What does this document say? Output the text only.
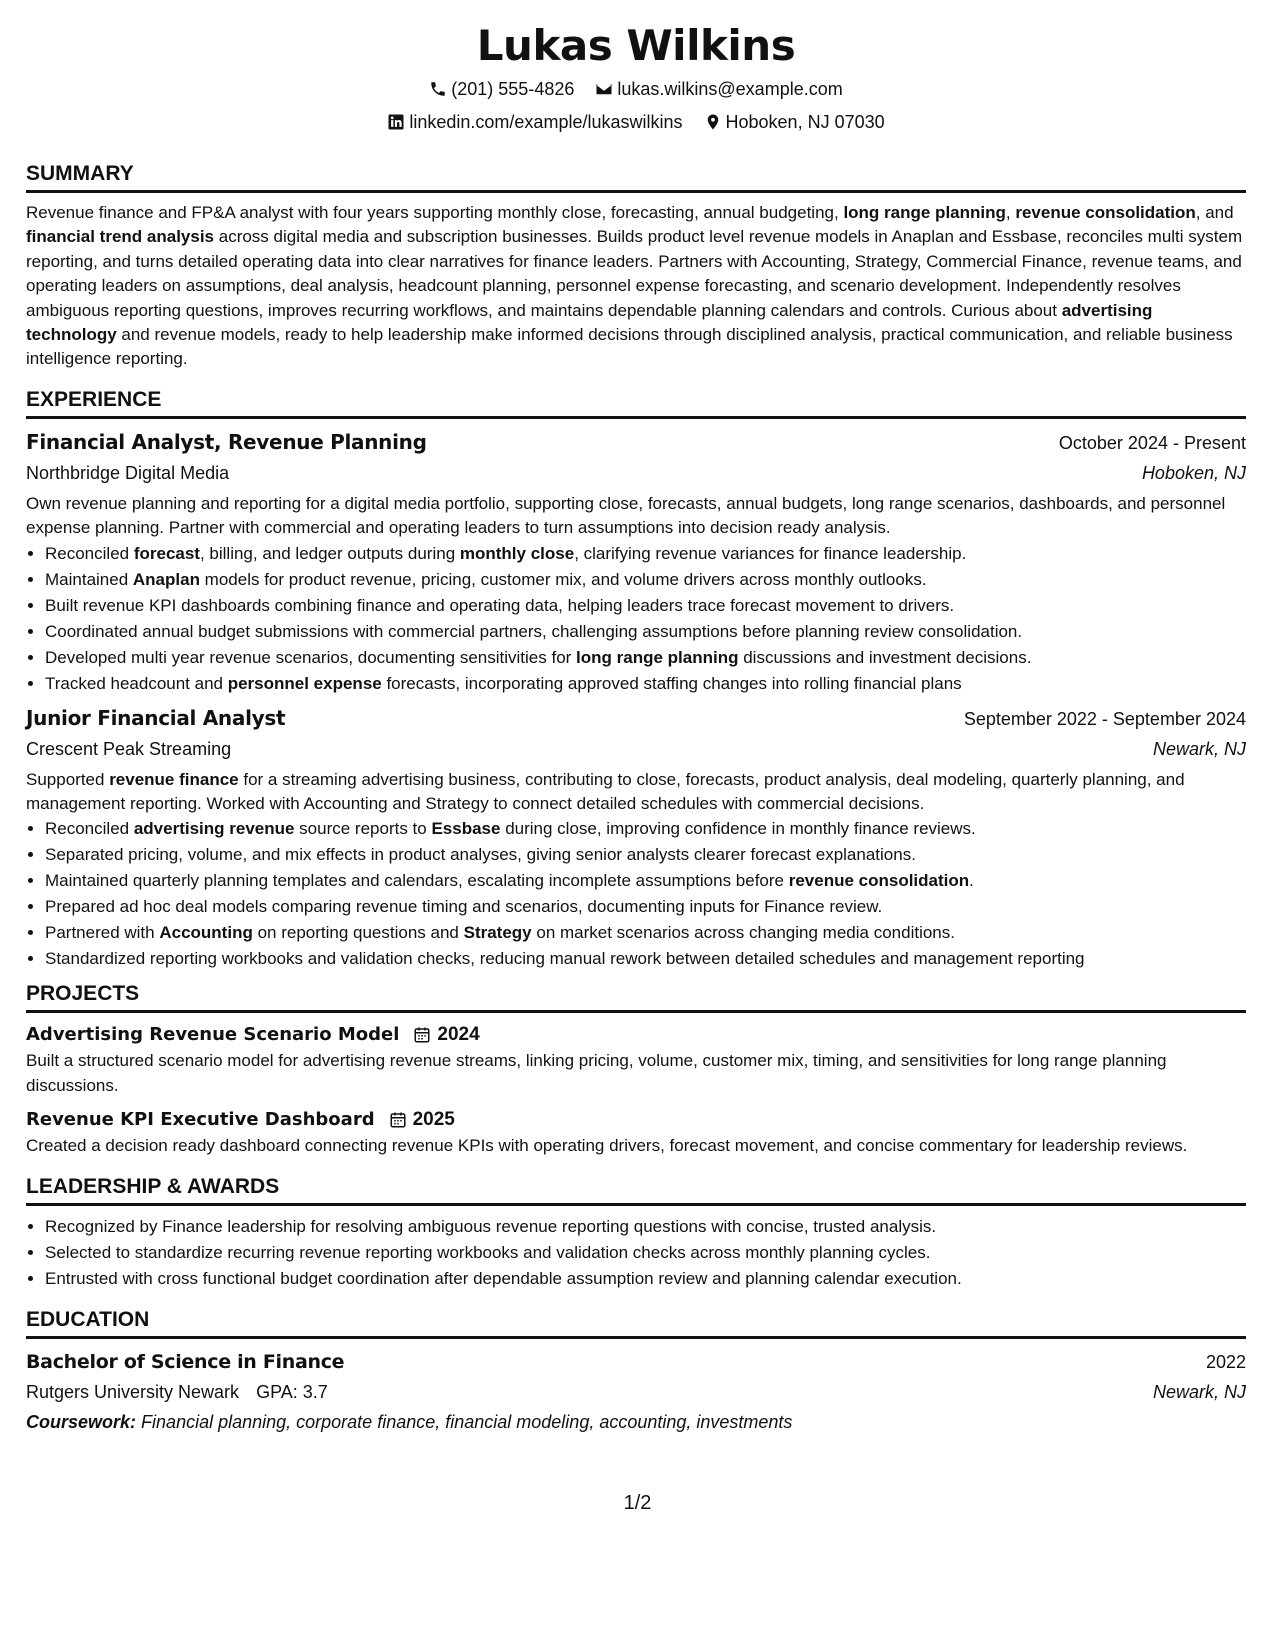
Lukas Wilkins
(201) 555-4826
lukas.wilkins@example.com
linkedin.com/example/lukaswilkins
Hoboken, NJ 07030
SUMMARY

Revenue finance and FP&A analyst with four years supporting monthly close, forecasting, annual budgeting, long range planning, revenue consolidation, and financial trend analysis across digital media and subscription businesses. Builds product level revenue models in Anaplan and Essbase, reconciles multi system reporting, and turns detailed operating data into clear narratives for finance leaders. Partners with Accounting, Strategy, Commercial Finance, revenue teams, and operating leaders on assumptions, deal analysis, headcount planning, personnel expense forecasting, and scenario development. Independently resolves ambiguous reporting questions, improves recurring workflows, and maintains dependable planning calendars and controls. Curious about advertising technology and revenue models, ready to help leadership make informed decisions through disciplined analysis, practical communication, and reliable business intelligence reporting.

EXPERIENCE
Financial Analyst, Revenue Planning	October 2024 - Present
Northbridge Digital Media	Hoboken, NJ

Own revenue planning and reporting for a digital media portfolio, supporting close, forecasts, annual budgets, long range scenarios, dashboards, and personnel expense planning. Partner with commercial and operating leaders to turn assumptions into decision ready analysis.

• Reconciled forecast, billing, and ledger outputs during monthly close, clarifying revenue variances for finance leadership.
• Maintained Anaplan models for product revenue, pricing, customer mix, and volume drivers across monthly outlooks.
• Built revenue KPI dashboards combining finance and operating data, helping leaders trace forecast movement to drivers.
• Coordinated annual budget submissions with commercial partners, challenging assumptions before planning review consolidation.
• Developed multi year revenue scenarios, documenting sensitivities for long range planning discussions and investment decisions.
• Tracked headcount and personnel expense forecasts, incorporating approved staffing changes into rolling financial plans
Junior Financial Analyst	September 2022 - September 2024
Crescent Peak Streaming	Newark, NJ

Supported revenue finance for a streaming advertising business, contributing to close, forecasts, product analysis, deal modeling, quarterly planning, and management reporting. Worked with Accounting and Strategy to connect detailed schedules with commercial decisions.

• Reconciled advertising revenue source reports to Essbase during close, improving confidence in monthly finance reviews.
• Separated pricing, volume, and mix effects in product analyses, giving senior analysts clearer forecast explanations.
• Maintained quarterly planning templates and calendars, escalating incomplete assumptions before revenue consolidation.
• Prepared ad hoc deal models comparing revenue timing and scenarios, documenting inputs for Finance review.
• Partnered with Accounting on reporting questions and Strategy on market scenarios across changing media conditions.
• Standardized reporting workbooks and validation checks, reducing manual rework between detailed schedules and management reporting
PROJECTS
Advertising Revenue Scenario Model 2024

Built a structured scenario model for advertising revenue streams, linking pricing, volume, customer mix, timing, and sensitivities for long range planning discussions.

Revenue KPI Executive Dashboard 2025

Created a decision ready dashboard connecting revenue KPIs with operating drivers, forecast movement, and concise commentary for leadership reviews.

LEADERSHIP & AWARDS
• Recognized by Finance leadership for resolving ambiguous revenue reporting questions with concise, trusted analysis.
• Selected to standardize recurring revenue reporting workbooks and validation checks across monthly planning cycles.
• Entrusted with cross functional budget coordination after dependable assumption review and planning calendar execution.
EDUCATION
Bachelor of Science in Finance	2022
Rutgers University Newark GPA: 3.7	Newark, NJ
Coursework: Financial planning, corporate finance, financial modeling, accounting, investments
1/2
